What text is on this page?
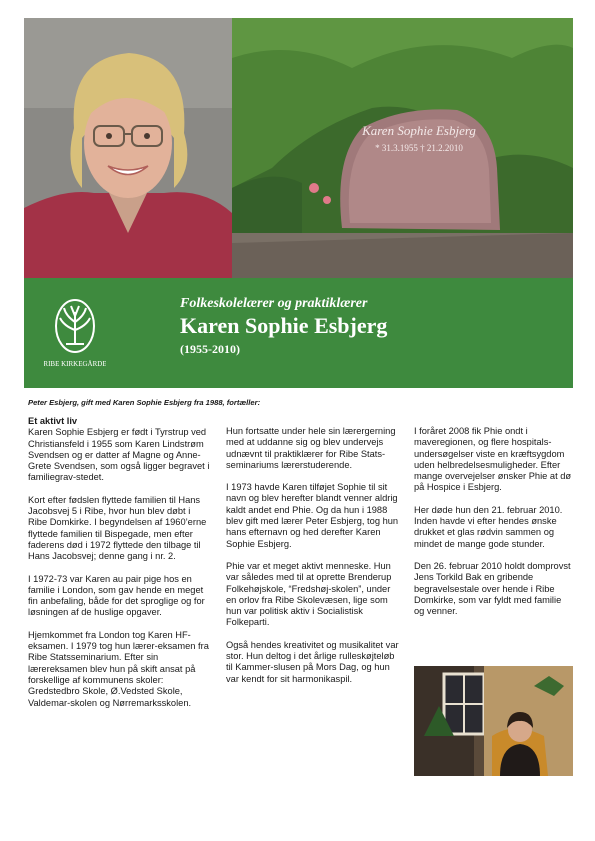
Karen Sophie Esbjerg
* 31.3.1955 † 21.2.2010
RIBE KIRKEGÅRDE
Folkeskolelærer og praktiklærer
Karen Sophie Esbjerg
(1955-2010)
Peter Esbjerg, gift med Karen Sophie Esbjerg fra 1988, fortæller:
Et aktivt liv

Karen Sophie Esbjerg er født i Tyrstrup ved Christiansfeld i 1955 som Karen Lindstrøm Svendsen og er datter af Magne og Anne-Grete Svendsen, som også ligger begravet i familiegrav-stedet.

Kort efter fødslen flyttede familien til Hans Jacobsvej 5 i Ribe, hvor hun blev døbt i Ribe Domkirke. I begyndelsen af 1960’erne flyttede familien til Bispegade, men efter faderens død i 1972 flyttede den tilbage til Hans Jacobsvej; denne gang i nr. 2.

I 1972-73 var Karen au pair pige hos en familie i London, som gav hende en meget fin anbefaling, både for det sproglige og for løsningen af de huslige opgaver.

Hjemkommet fra London tog Karen HF-eksamen. I 1979 tog hun lærer-eksamen fra Ribe Statsseminarium. Efter sin lærereksamen blev hun på skift ansat på forskellige af kommunens skoler: Gredstedbro Skole, Ø.Vedsted Skole, Valdemar-skolen og Nørremarksskolen.

Hun fortsatte under hele sin lærergerning med at uddanne sig og blev undervejs udnævnt til praktiklærer for Ribe Stats-seminariums lærerstuderende.

I 1973 havde Karen tilføjet Sophie til sit navn og blev herefter blandt venner aldrig kaldt andet end Phie. Og da hun i 1988 blev gift med lærer Peter Esbjerg, tog hun hans efternavn og hed derefter Karen Sophie Esbjerg.

Phie var et meget aktivt menneske. Hun var således med til at oprette Brenderup Folkehøjskole, “Fredshøj-skolen”, under en orlov fra Ribe Skolevæsen, lige som hun var politisk aktiv i Socialistisk Folkeparti.

Også hendes kreativitet og musikalitet var stor. Hun deltog i det årlige rulleskøjteløb til Kammer-slusen på Mors Dag, og hun var kendt for sit harmonikaspil.

I foråret 2008 fik Phie ondt i maveregionen, og flere hospitals-undersøgelser viste en kræftsygdom uden helbredelsesmuligheder. Efter mange overvejelser ønsker Phie at dø på Hospice i Esbjerg.

Her døde hun den 21. februar 2010. Inden havde vi efter hendes ønske drukket et glas rødvin sammen og mindet de mange gode stunder.

Den 26. februar 2010 holdt domprovst Jens Torkild Bak en gribende begravelsestale over hende i Ribe Domkirke, som var fyldt med familie og venner.
